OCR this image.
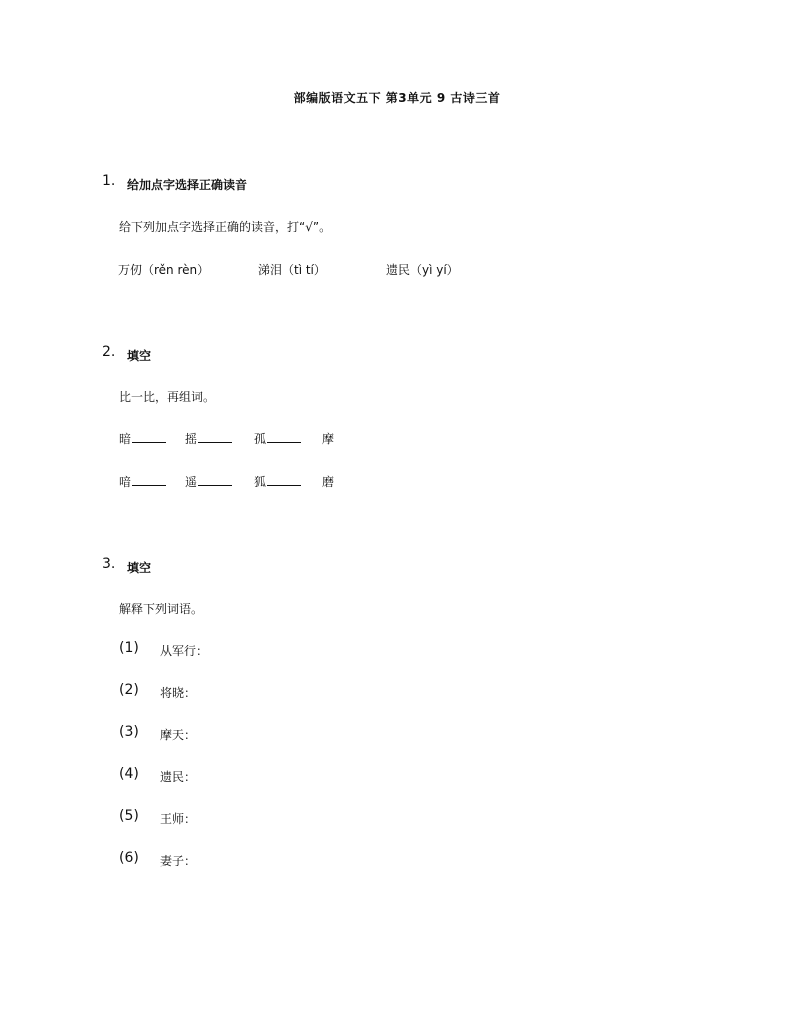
部编版语文五下 第3单元 9 古诗三首
1. 给加点字选择正确读音
给下列加点字选择正确的读音，打“√”。
万仞（rěn rèn）	涕泪（tì tí）	遗民（yì yí）
2. 填空
比一比，再组词。
暗	摇	孤	摩
喑	遥	狐	磨
3. 填空
解释下列词语。
(1) 从军行：
(2) 将晓：
(3) 摩天：
(4) 遗民：
(5) 王师：
(6) 妻子：
